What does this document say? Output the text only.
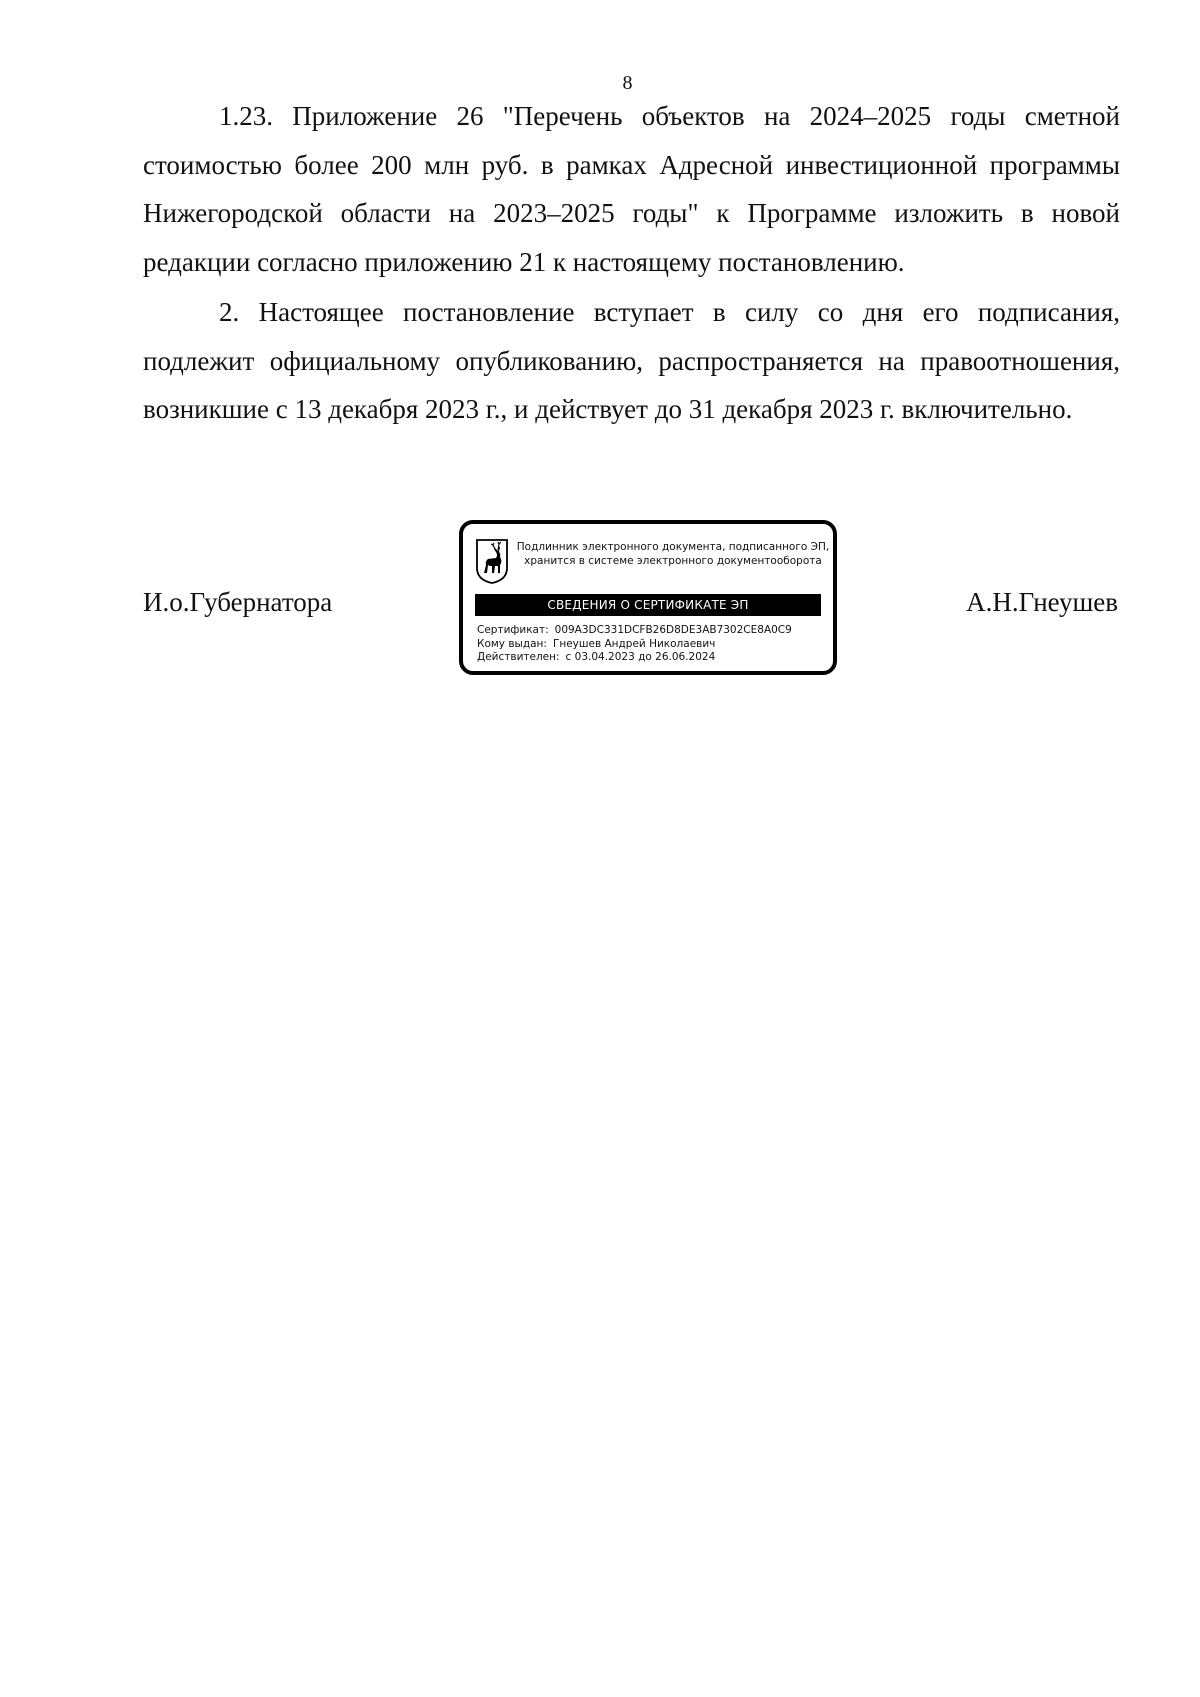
8

1.23. Приложение 26 "Перечень объектов на 2024–2025 годы сметной стоимостью более 200 млн руб. в рамках Адресной инвестиционной программы Нижегородской области на 2023–2025 годы" к Программе изложить в новой редакции согласно приложению 21 к настоящему постановлению.

2. Настоящее постановление вступает в силу со дня его подписания, подлежит официальному опубликованию, распространяется на правоотношения, возникшие с 13 декабря 2023 г., и действует до 31 декабря 2023 г. включительно.

И.о.Губернатора
Подлинник электронного документа, подписанного ЭП,
хранится в системе электронного документооборота
СВЕДЕНИЯ О СЕРТИФИКАТЕ ЭП
Сертификат: 009A3DC331DCFB26D8DE3AB7302CE8A0C9
Кому выдан: Гнеушев Андрей Николаевич
Действителен: с 03.04.2023 до 26.06.2024
А.Н.Гнеушев
